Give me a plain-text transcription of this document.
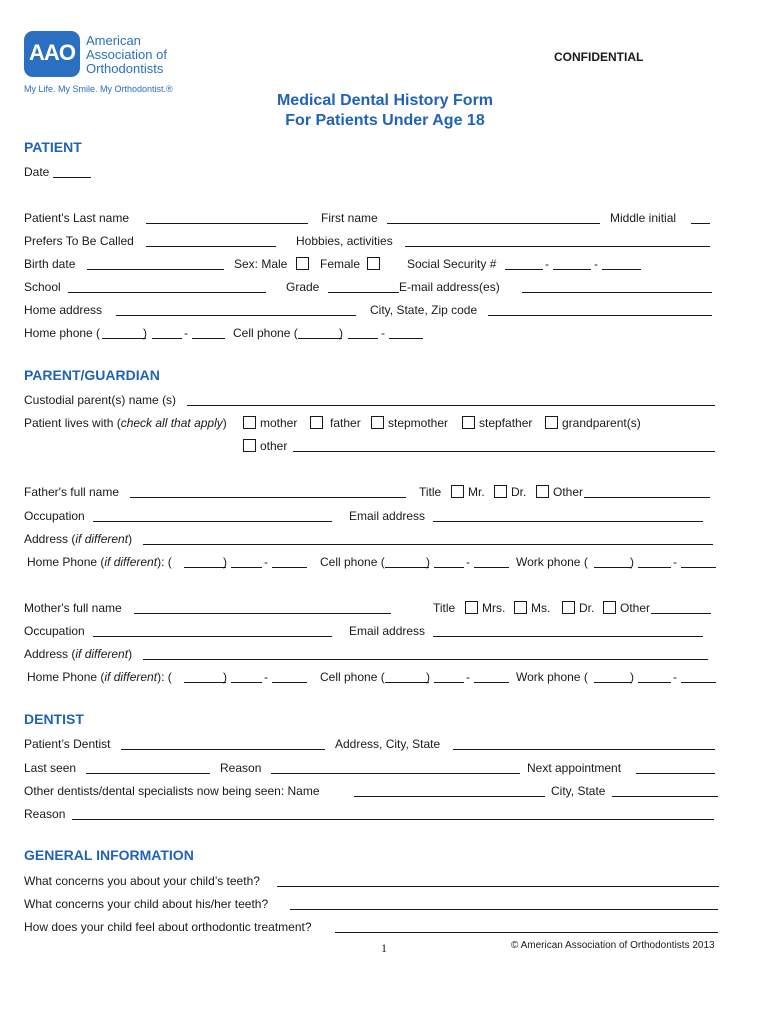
AAO American
Association of
Orthodontists
My Life. My Smile. My Orthodontist.®
CONFIDENTIAL
Medical Dental History Form
For Patients Under Age 18
PATIENT
Date
Patient's Last name	First name	Middle initial
Prefers To Be Called	Hobbies, activities
Birth date	Sex: Male	Female	Social Security #	-	-
School	Grade	E-mail address(es)
Home address	City, State, Zip code
Home phone (	)	-	Cell phone (	)	-
PARENT/GUARDIAN
Custodial parent(s) name (s)
Patient lives with (check all that apply)	mother	father stepmother	stepfather grandparent(s)
other
Father's full name	Title Mr. Dr. Other
Occupation	Email address
Address (if different)
Home Phone (if different): (	)	-	Cell phone (	)	-	Work phone (	)	-
Mother's full name	Title Mrs. Ms. Dr. Other
Occupation	Email address
Address (if different)
Home Phone (if different): (	)	-	Cell phone (	)	-	Work phone (	)	-
DENTIST
Patient’s Dentist	Address, City, State
Last seen	Reason	Next appointment
Other dentists/dental specialists now being seen: Name	City, State
Reason
GENERAL INFORMATION
What concerns you about your child’s teeth?
What concerns your child about his/her teeth?
How does your child feel about orthodontic treatment?
1	© American Association of Orthodontists 2013
